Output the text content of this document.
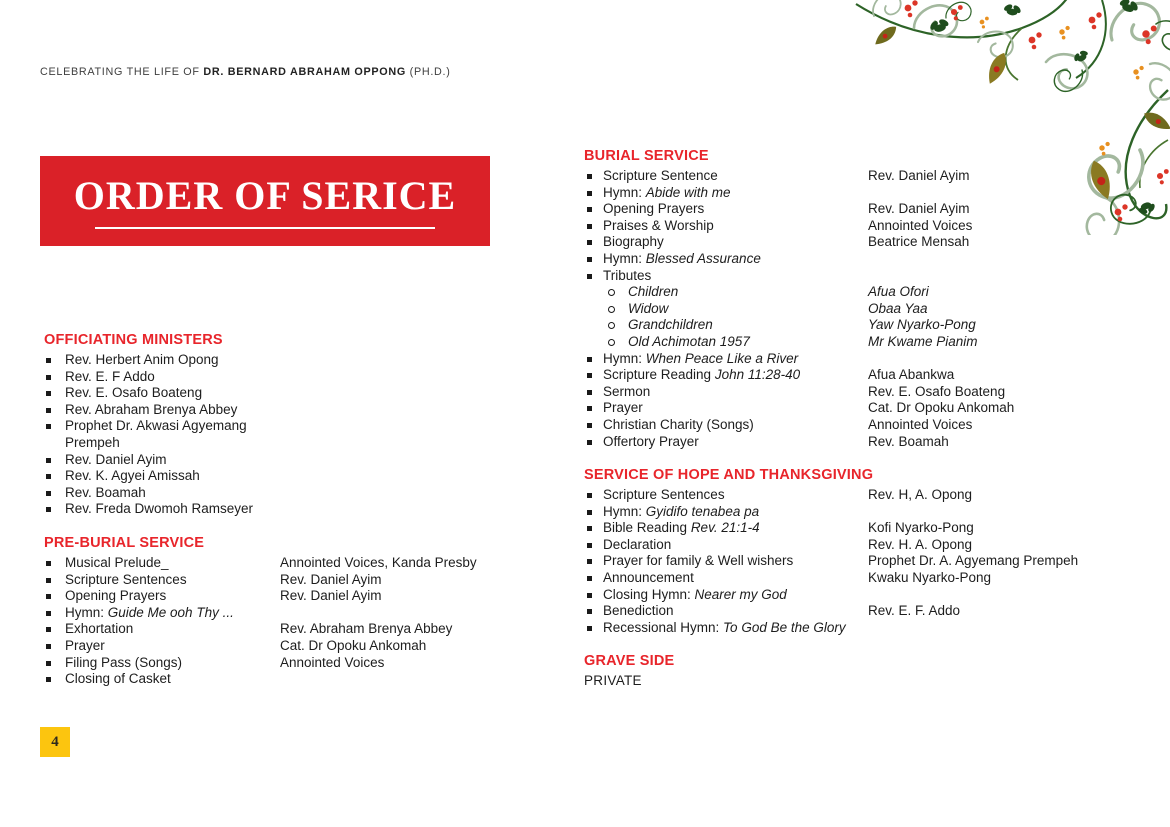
CELEBRATING THE LIFE OF DR. BERNARD ABRAHAM OPPONG (PH.D.)
ORDER OF SERICE
OFFICIATING MINISTERS
Rev. Herbert Anim Opong
Rev. E. F Addo
Rev. E. Osafo Boateng
Rev. Abraham Brenya Abbey
Prophet Dr. Akwasi Agyemang Prempeh
Rev. Daniel Ayim
Rev. K. Agyei Amissah
Rev. Boamah
Rev. Freda Dwomoh Ramseyer
PRE-BURIAL SERVICE
Musical Prelude_	Annointed Voices, Kanda Presby
Scripture Sentences	Rev. Daniel Ayim
Opening Prayers	Rev. Daniel Ayim
Hymn: Guide Me ooh Thy ...
Exhortation	Rev. Abraham Brenya Abbey
Prayer	Cat. Dr Opoku Ankomah
Filing Pass (Songs)	Annointed Voices
Closing of Casket
BURIAL SERVICE
Scripture Sentence	Rev. Daniel Ayim
Hymn: Abide with me
Opening Prayers	Rev. Daniel Ayim
Praises & Worship	Annointed Voices
Biography	Beatrice Mensah
Hymn: Blessed Assurance
Tributes
Children	Afua Ofori
Widow	Obaa Yaa
Grandchildren	Yaw Nyarko-Pong
Old Achimotan 1957	Mr Kwame Pianim
Hymn: When Peace Like a River
Scripture Reading John 11:28-40	Afua Abankwa
Sermon	Rev. E. Osafo Boateng
Prayer	Cat. Dr Opoku Ankomah
Christian Charity (Songs)	Annointed Voices
Offertory Prayer	Rev. Boamah
SERVICE OF HOPE AND THANKSGIVING
Scripture Sentences	Rev. H, A. Opong
Hymn: Gyidifo tenabea pa
Bible Reading Rev. 21:1-4	Kofi Nyarko-Pong
Declaration	Rev. H. A. Opong
Prayer for family & Well wishers	Prophet Dr. A. Agyemang Prempeh
Announcement	Kwaku Nyarko-Pong
Closing Hymn: Nearer my God
Benediction	Rev. E. F. Addo
Recessional Hymn: To God Be the Glory
GRAVE SIDE
PRIVATE
4
